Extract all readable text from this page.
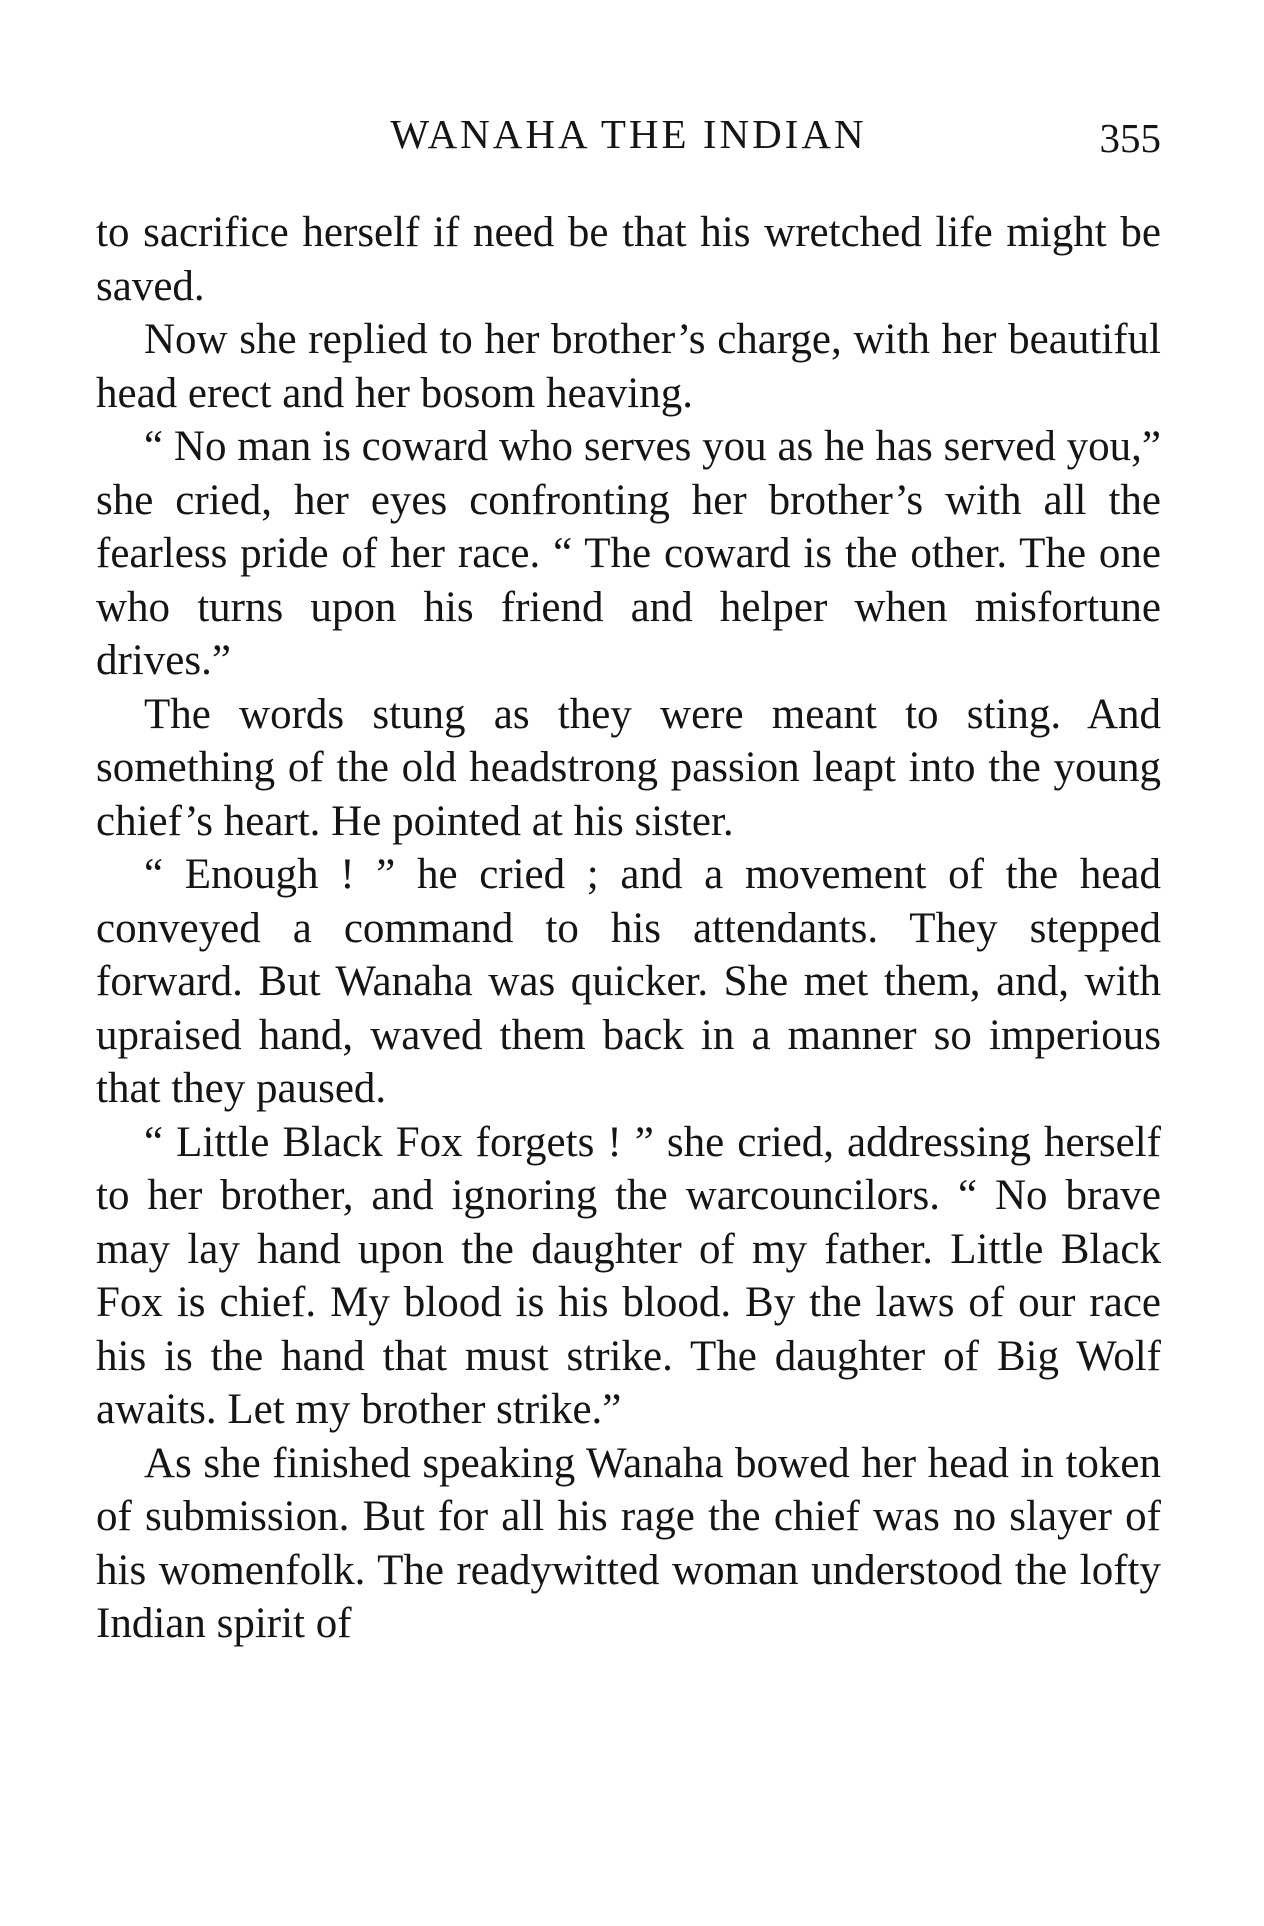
WANAHA THE INDIAN	355

to sacrifice herself if need be that his wretched life might be saved.

Now she replied to her brother’s charge, with her beautiful head erect and her bosom heaving.

“ No man is coward who serves you as he has served you,” she cried, her eyes confronting her brother’s with all the fearless pride of her race. “ The coward is the other. The one who turns upon his friend and helper when misfortune drives.”

The words stung as they were meant to sting. And something of the old headstrong passion leapt into the young chief’s heart. He pointed at his sister.

“ Enough ! ” he cried ; and a movement of the head conveyed a command to his attendants. They stepped forward. But Wanaha was quicker. She met them, and, with upraised hand, waved them back in a manner so imperious that they paused.

“ Little Black Fox forgets ! ” she cried, addressing herself to her brother, and ignoring the warcouncilors. “ No brave may lay hand upon the daughter of my father. Little Black Fox is chief. My blood is his blood. By the laws of our race his is the hand that must strike. The daughter of Big Wolf awaits. Let my brother strike.”

As she finished speaking Wanaha bowed her head in token of submission. But for all his rage the chief was no slayer of his womenfolk. The readywitted woman understood the lofty Indian spirit of
